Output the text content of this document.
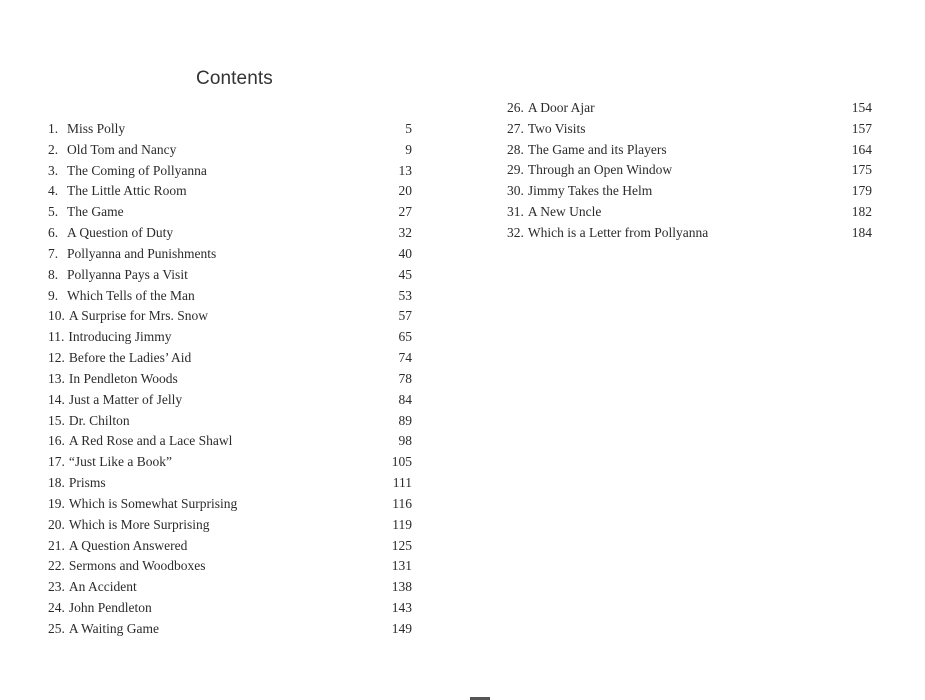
Contents
1. Miss Polly	5
2. Old Tom and Nancy	9
3. The Coming of Pollyanna	13
4. The Little Attic Room	20
5. The Game	27
6. A Question of Duty	32
7. Pollyanna and Punishments	40
8. Pollyanna Pays a Visit	45
9. Which Tells of the Man	53
10. A Surprise for Mrs. Snow	57
11. Introducing Jimmy	65
12. Before the Ladies’ Aid	74
13. In Pendleton Woods	78
14. Just a Matter of Jelly	84
15. Dr. Chilton	89
16. A Red Rose and a Lace Shawl	98
17. “Just Like a Book”	105
18. Prisms	111
19. Which is Somewhat Surprising	116
20. Which is More Surprising	119
21. A Question Answered	125
22. Sermons and Woodboxes	131
23. An Accident	138
24. John Pendleton	143
25. A Waiting Game	149
26. A Door Ajar	154
27. Two Visits	157
28. The Game and its Players	164
29. Through an Open Window	175
30. Jimmy Takes the Helm	179
31. A New Uncle	182
32. Which is a Letter from Pollyanna	184
